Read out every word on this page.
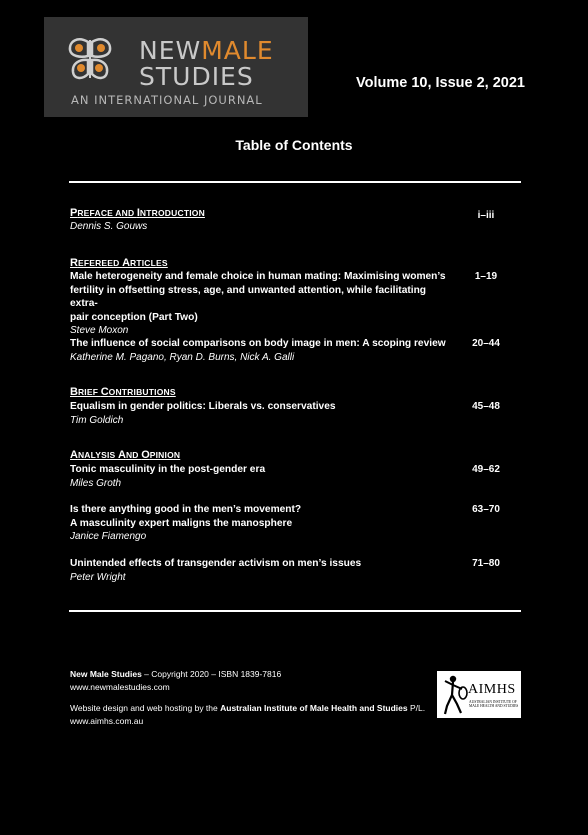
NEWMALE
STUDIES
AN INTERNATIONAL JOURNAL
Volume 10, Issue 2, 2021
Table of Contents
PREFACE AND INTRODUCTION
Dennis S. Gouws
i–iii
REFEREED ARTICLES
Male heterogeneity and female choice in human mating: Maximising women’s
fertility in offsetting stress, age, and unwanted attention, while facilitating extra-
pair conception (Part Two)
Steve Moxon
1–19
The influence of social comparisons on body image in men: A scoping review
Katherine M. Pagano, Ryan D. Burns, Nick A. Galli
20–44
BRIEF CONTRIBUTIONS
Equalism in gender politics: Liberals vs. conservatives
Tim Goldich
45–48
ANALYSIS AND OPINION
Tonic masculinity in the post-gender era
Miles Groth
49–62
Is there anything good in the men’s movement?
A masculinity expert maligns the manosphere
Janice Fiamengo
63–70
Unintended effects of transgender activism on men’s issues
Peter Wright
71–80
New Male Studies – Copyright 2020 – ISBN 1839-7816
www.newmalestudies.com
Website design and web hosting by the Australian Institute of Male Health and Studies P/L.
www.aimhs.com.au
AIMHS
AUSTRALIAN INSTITUTE OF MALE HEALTH AND STUDIES
